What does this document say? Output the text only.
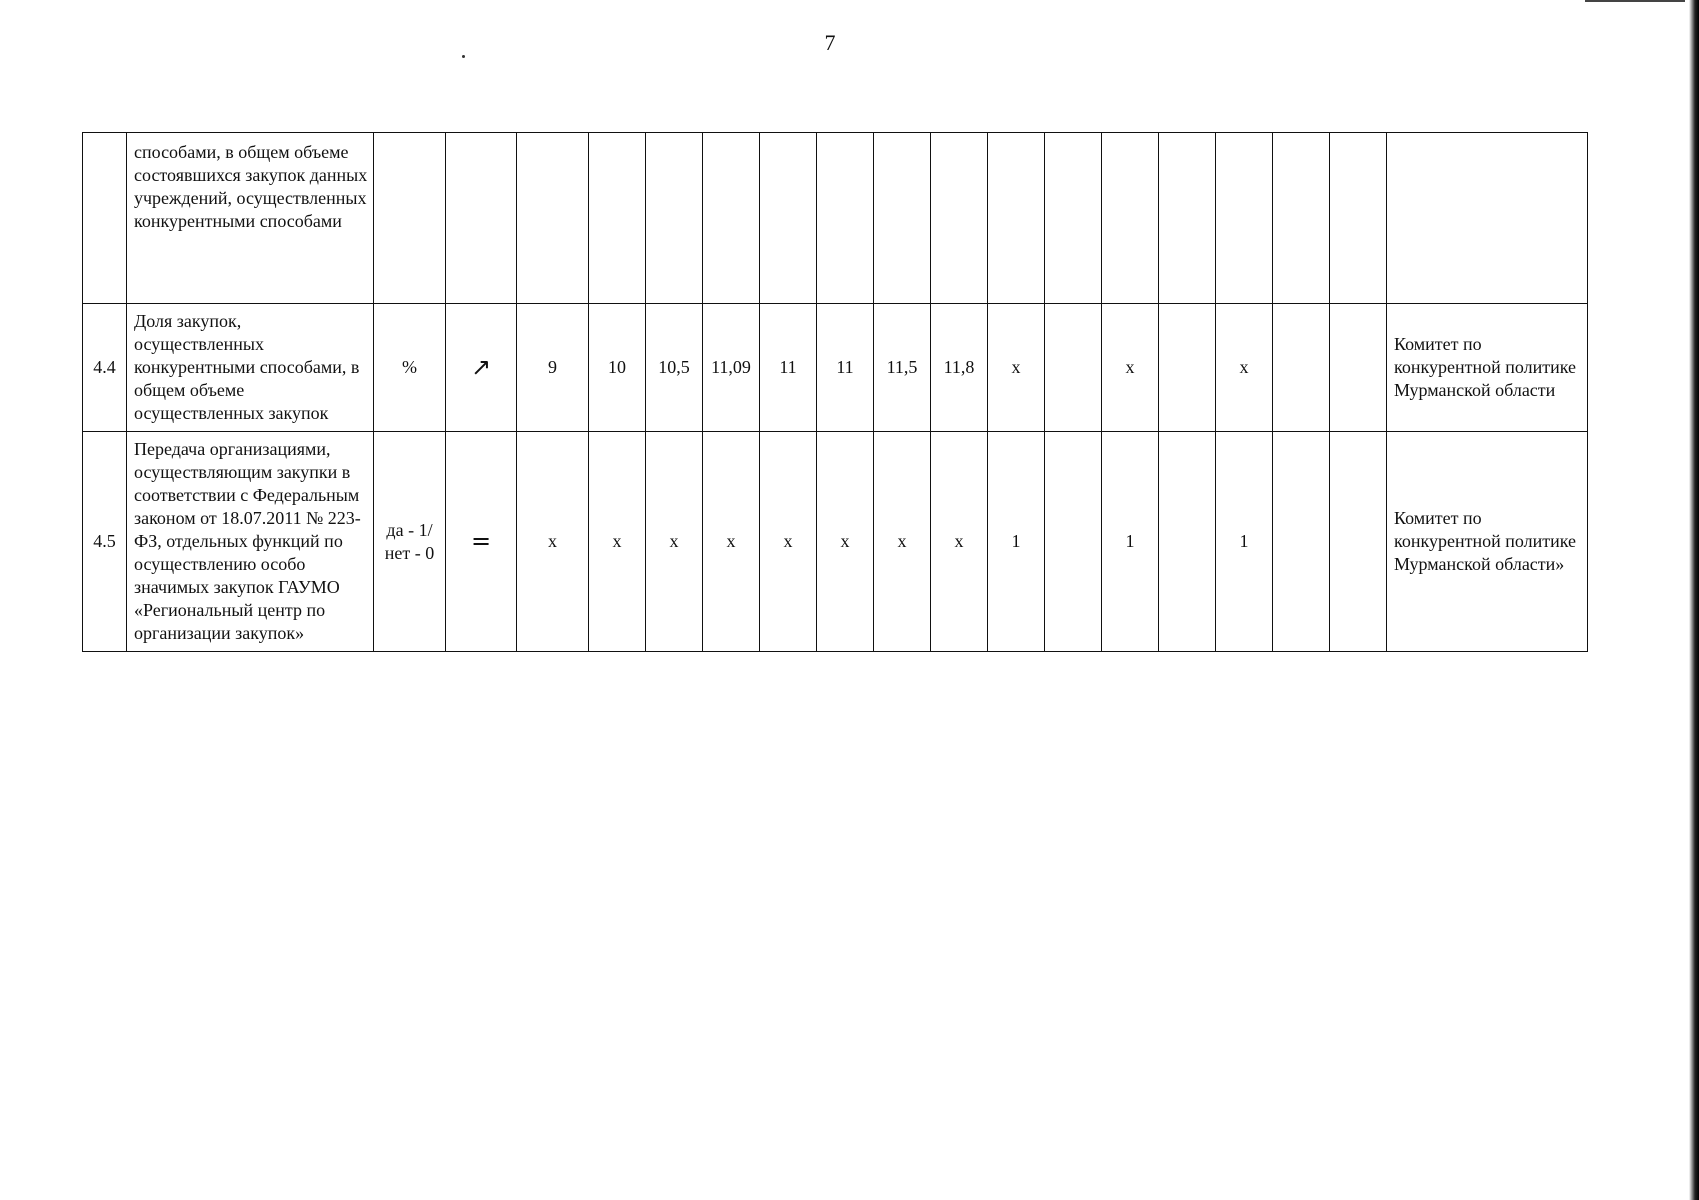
7
	способами, в общем объеме состоявшихся закупок данных учреждений, осуществленных конкурентными способами																		
4.4	Доля закупок, осуществленных конкурентными способами, в общем объеме осуществленных закупок	%	↗	9	10	10,5	11,09	11	11	11,5	11,8	x		x		x			Комитет по конкурентной политике Мурманской области
4.5	Передача организациями, осуществляющим закупки в соответствии с Федеральным законом от 18.07.2011 № 223-ФЗ, отдельных функций по осуществлению особо значимых закупок ГАУМО «Региональный центр по организации закупок»	да - 1/ нет - 0	=	x	x	x	x	x	x	x	x	1		1		1			Комитет по конкурентной политике Мурманской области»
